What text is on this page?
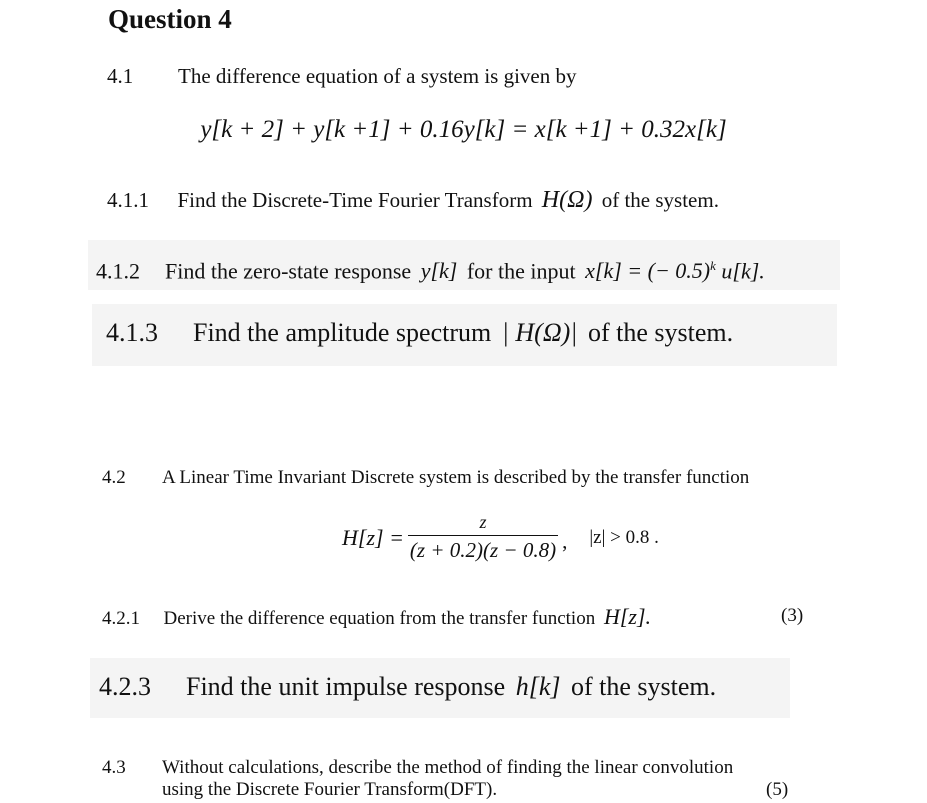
Question 4
4.1 The difference equation of a system is given by
y[k + 2] + y[k +1] + 0.16y[k] = x[k +1] + 0.32x[k]
4.1.1 Find the Discrete-Time Fourier Transform H(Ω) of the system.
4.1.2 Find the zero-state response y[k] for the input x[k] = (− 0.5)$^k$ u[k].
4.1.3 Find the amplitude spectrum | H(Ω)| of the system.
4.2 A Linear Time Invariant Discrete system is described by the transfer function
$H[z] = \frac{z}{(z + 0.2)(z - 0.8)}$ , |z| > 0.8 .
4.2.1 Derive the difference equation from the transfer function H[z].	(3)
4.2.3 Find the unit impulse response h[k] of the system.
4.3 Without calculations, describe the method of finding the linear convolution
using the Discrete Fourier Transform(DFT).	(5)
